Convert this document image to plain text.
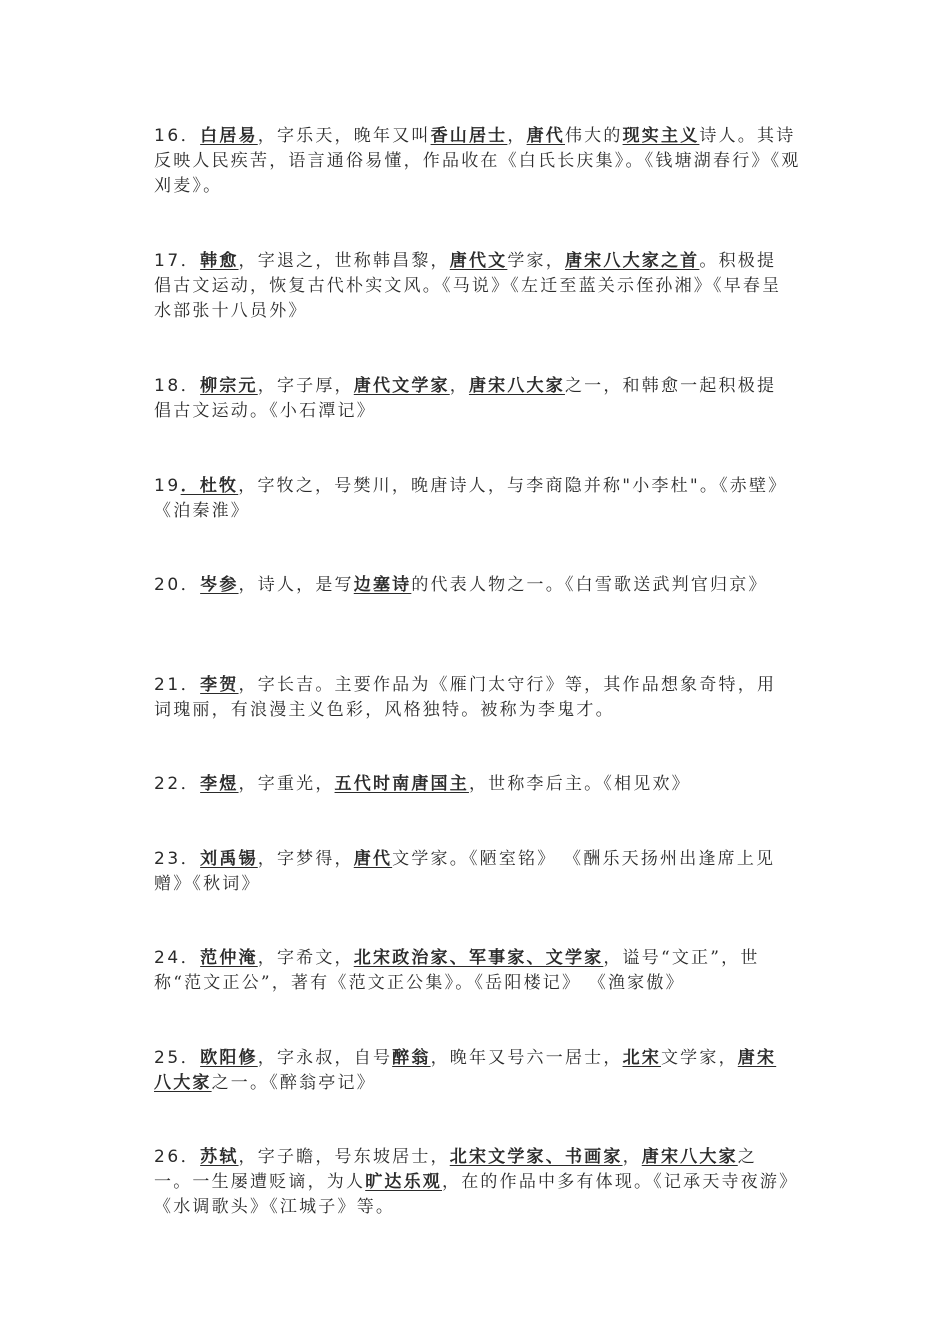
16．白居易，字乐天，晚年又叫香山居士，唐代伟大的现实主义诗人。其诗反映人民疾苦，语言通俗易懂，作品收在《白氏长庆集》。《钱塘湖春行》《观刈麦》。

17．韩愈，字退之，世称韩昌黎，唐代文学家，唐宋八大家之首。积极提倡古文运动，恢复古代朴实文风。《马说》《左迁至蓝关示侄孙湘》《早春呈水部张十八员外》

18．柳宗元，字子厚，唐代文学家，唐宋八大家之一，和韩愈一起积极提倡古文运动。《小石潭记》

19．杜牧，字牧之，号樊川，晚唐诗人，与李商隐并称"小李杜"。《赤壁》《泊秦淮》

20．岑参，诗人，是写边塞诗的代表人物之一。《白雪歌送武判官归京》

21．李贺，字长吉。主要作品为《雁门太守行》等，其作品想象奇特，用词瑰丽，有浪漫主义色彩，风格独特。被称为李鬼才。

22．李煜，字重光，五代时南唐国主，世称李后主。《相见欢》

23．刘禹锡，字梦得，唐代文学家。《陋室铭》 《酬乐天扬州出逢席上见赠》《秋词》

24．范仲淹，字希文，北宋政治家、军事家、文学家，谥号“文正”，世称“范文正公”，著有《范文正公集》。《岳阳楼记》 《渔家傲》

25．欧阳修，字永叔，自号醉翁，晚年又号六一居士，北宋文学家，唐宋八大家之一。《醉翁亭记》

26．苏轼，字子瞻，号东坡居士，北宋文学家、书画家，唐宋八大家之一。一生屡遭贬谪，为人旷达乐观，在的作品中多有体现。《记承天寺夜游》《水调歌头》《江城子》等。
